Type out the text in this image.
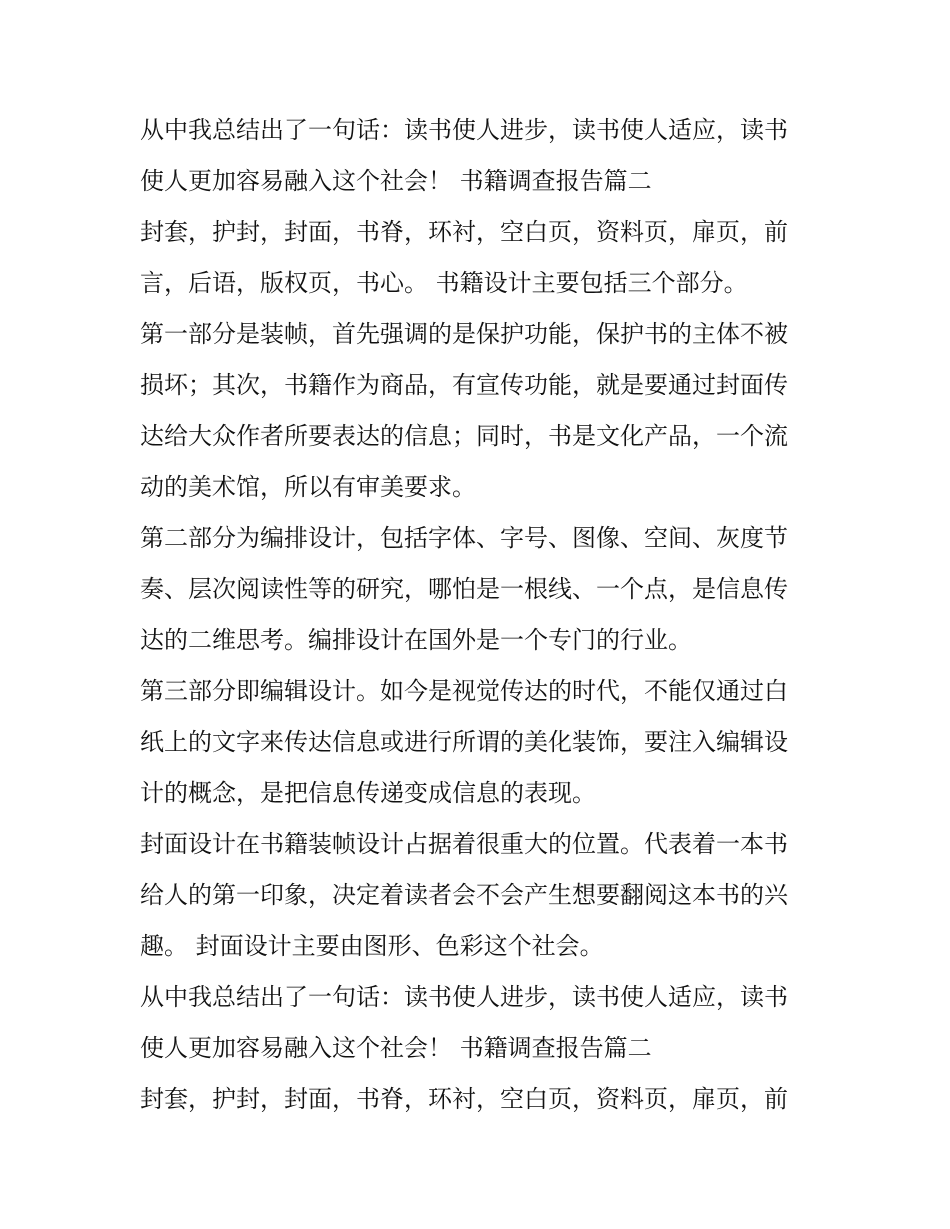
从中我总结出了一句话：读书使人进步，读书使人适应，读书
使人更加容易融入这个社会！ 书籍调查报告篇二
封套，护封，封面，书脊，环衬，空白页，资料页，扉页，前
言，后语，版权页，书心。 书籍设计主要包括三个部分。
第一部分是装帧，首先强调的是保护功能，保护书的主体不被
损坏；其次，书籍作为商品，有宣传功能，就是要通过封面传
达给大众作者所要表达的信息；同时，书是文化产品，一个流
动的美术馆，所以有审美要求。
第二部分为编排设计，包括字体、字号、图像、空间、灰度节
奏、层次阅读性等的研究，哪怕是一根线、一个点，是信息传
达的二维思考。编排设计在国外是一个专门的行业。
第三部分即编辑设计。如今是视觉传达的时代，不能仅通过白
纸上的文字来传达信息或进行所谓的美化装饰，要注入编辑设
计的概念，是把信息传递变成信息的表现。
封面设计在书籍装帧设计占据着很重大的位置。代表着一本书
给人的第一印象，决定着读者会不会产生想要翻阅这本书的兴
趣。 封面设计主要由图形、色彩这个社会。
从中我总结出了一句话：读书使人进步，读书使人适应，读书
使人更加容易融入这个社会！ 书籍调查报告篇二
封套，护封，封面，书脊，环衬，空白页，资料页，扉页，前
